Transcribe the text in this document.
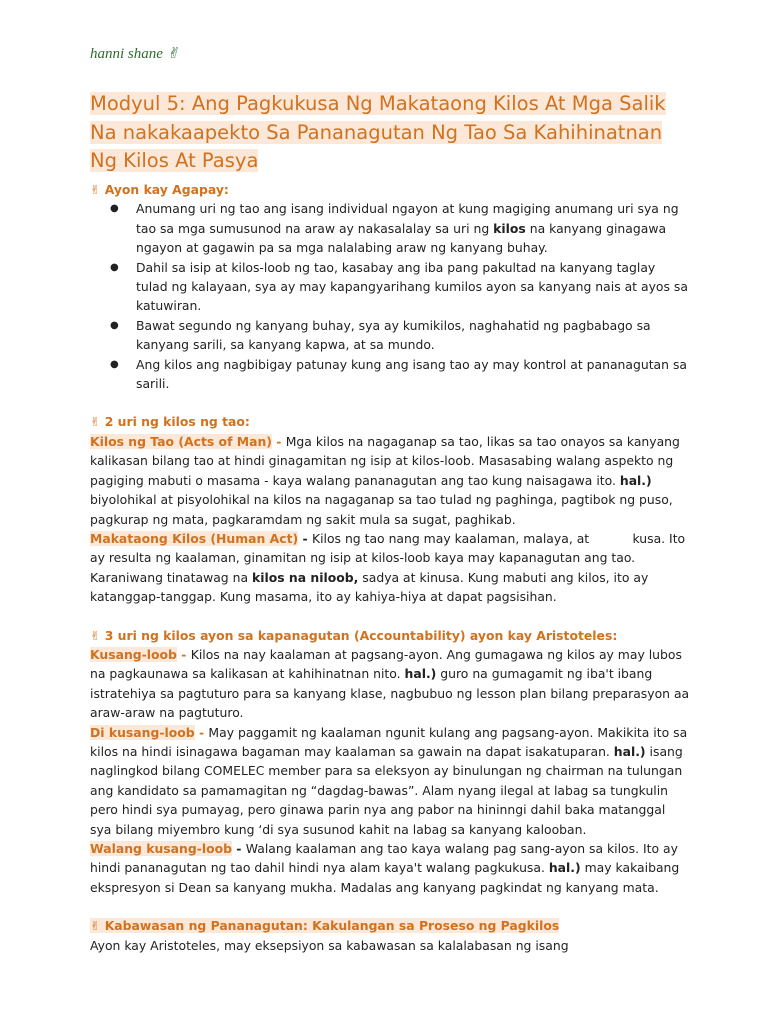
hanni shane ✌︎
Modyul 5: Ang Pagkukusa Ng Makataong Kilos At Mga Salik Na nakakaapekto Sa Pananagutan Ng Tao Sa Kahihinatnan Ng Kilos At Pasya
✌︎ Ayon kay Agapay:
● Anumang uri ng tao ang isang individual ngayon at kung magiging anumang uri sya ng tao sa mga sumusunod na araw ay nakasalalay sa uri ng kilos na kanyang ginagawa ngayon at gagawin pa sa mga nalalabing araw ng kanyang buhay.
● Dahil sa isip at kilos-loob ng tao, kasabay ang iba pang pakultad na kanyang taglay tulad ng kalayaan, sya ay may kapangyarihang kumilos ayon sa kanyang nais at ayos sa katuwiran.
● Bawat segundo ng kanyang buhay, sya ay kumikilos, naghahatid ng pagbabago sa kanyang sarili, sa kanyang kapwa, at sa mundo.
● Ang kilos ang nagbibigay patunay kung ang isang tao ay may kontrol at pananagutan sa sarili.
✌︎ 2 uri ng kilos ng tao:

Kilos ng Tao (Acts of Man) - Mga kilos na nagaganap sa tao, likas sa tao onayos sa kanyang kalikasan bilang tao at hindi ginagamitan ng isip at kilos-loob. Masasabing walang aspekto ng pagiging mabuti o masama - kaya walang pananagutan ang tao kung naisagawa ito. hal.) biyolohikal at pisyolohikal na kilos na nagaganap sa tao tulad ng paghinga, pagtibok ng puso, pagkurap ng mata, pagkaramdam ng sakit mula sa sugat, paghikab.

Makataong Kilos (Human Act) - Kilos ng tao nang may kaalaman, malaya, at           kusa. Ito ay resulta ng kaalaman, ginamitan ng isip at kilos-loob kaya may kapanagutan ang tao. Karaniwang tinatawag na kilos na niloob, sadya at kinusa. Kung mabuti ang kilos, ito ay katanggap-tanggap. Kung masama, ito ay kahiya-hiya at dapat pagsisihan.

✌︎ 3 uri ng kilos ayon sa kapanagutan (Accountability) ayon kay Aristoteles:

Kusang-loob - Kilos na nay kaalaman at pagsang-ayon. Ang gumagawa ng kilos ay may lubos na pagkaunawa sa kalikasan at kahihinatnan nito. hal.) guro na gumagamit ng iba't ibang istratehiya sa pagtuturo para sa kanyang klase, nagbubuo ng lesson plan bilang preparasyon aa araw-araw na pagtuturo.

Di kusang-loob - May paggamit ng kaalaman ngunit kulang ang pagsang-ayon. Makikita ito sa kilos na hindi isinagawa bagaman may kaalaman sa gawain na dapat isakatuparan. hal.) isang naglingkod bilang COMELEC member para sa eleksyon ay binulungan ng chairman na tulungan ang kandidato sa pamamagitan ng “dagdag-bawas”. Alam nyang ilegal at labag sa tungkulin pero hindi sya pumayag, pero ginawa parin nya ang pabor na hininngi dahil baka matanggal sya bilang miyembro kung ‘di sya susunod kahit na labag sa kanyang kalooban.

Walang kusang-loob - Walang kaalaman ang tao kaya walang pag sang-ayon sa kilos. Ito ay hindi pananagutan ng tao dahil hindi nya alam kaya't walang pagkukusa. hal.) may kakaibang ekspresyon si Dean sa kanyang mukha. Madalas ang kanyang pagkindat ng kanyang mata.

✌︎ Kabawasan ng Pananagutan: Kakulangan sa Proseso ng Pagkilos

Ayon kay Aristoteles, may eksepsiyon sa kabawasan sa kalalabasan ng isang
